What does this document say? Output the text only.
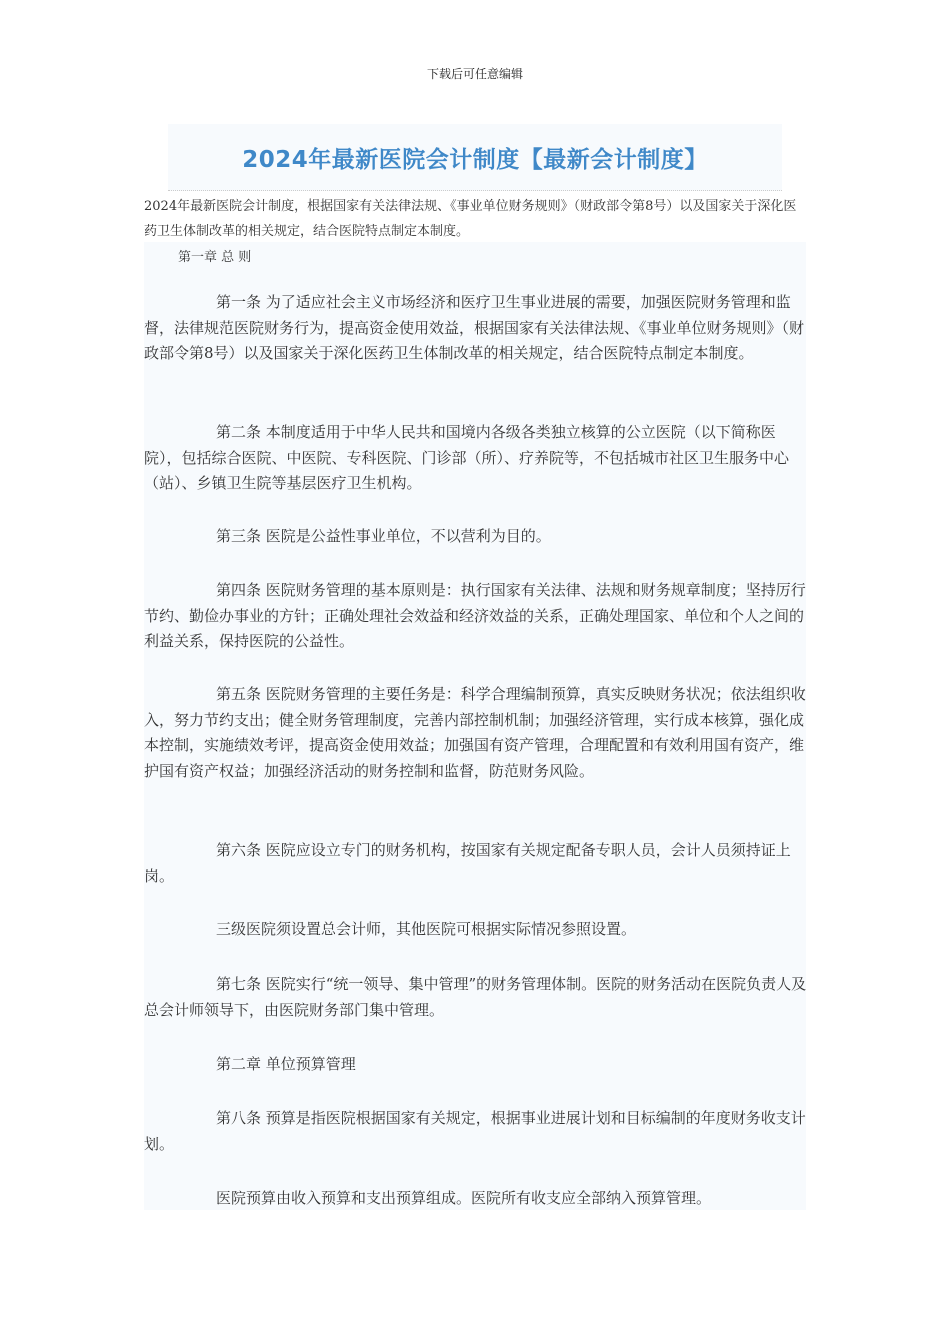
下载后可任意编辑
2024年最新医院会计制度【最新会计制度】
2024年最新医院会计制度，根据国家有关法律法规、《事业单位财务规则》（财政部令第8号）以及国家关于深化医药卫生体制改革的相关规定，结合医院特点制定本制度。
第一章 总 则

第一条 为了适应社会主义市场经济和医疗卫生事业进展的需要，加强医院财务管理和监督，法律规范医院财务行为，提高资金使用效益，根据国家有关法律法规、《事业单位财务规则》（财政部令第8号）以及国家关于深化医药卫生体制改革的相关规定，结合医院特点制定本制度。

第二条 本制度适用于中华人民共和国境内各级各类独立核算的公立医院（以下简称医院），包括综合医院、中医院、专科医院、门诊部（所）、疗养院等，不包括城市社区卫生服务中心（站）、乡镇卫生院等基层医疗卫生机构。

第三条 医院是公益性事业单位，不以营利为目的。

第四条 医院财务管理的基本原则是：执行国家有关法律、法规和财务规章制度；坚持厉行节约、勤俭办事业的方针；正确处理社会效益和经济效益的关系，正确处理国家、单位和个人之间的利益关系，保持医院的公益性。

第五条 医院财务管理的主要任务是：科学合理编制预算，真实反映财务状况；依法组织收入，努力节约支出；健全财务管理制度，完善内部控制机制；加强经济管理，实行成本核算，强化成本控制，实施绩效考评，提高资金使用效益；加强国有资产管理，合理配置和有效利用国有资产，维护国有资产权益；加强经济活动的财务控制和监督，防范财务风险。

第六条 医院应设立专门的财务机构，按国家有关规定配备专职人员，会计人员须持证上岗。

三级医院须设置总会计师，其他医院可根据实际情况参照设置。

第七条 医院实行“统一领导、集中管理”的财务管理体制。医院的财务活动在医院负责人及总会计师领导下，由医院财务部门集中管理。

第二章 单位预算管理

第八条 预算是指医院根据国家有关规定，根据事业进展计划和目标编制的年度财务收支计划。

医院预算由收入预算和支出预算组成。医院所有收支应全部纳入预算管理。
